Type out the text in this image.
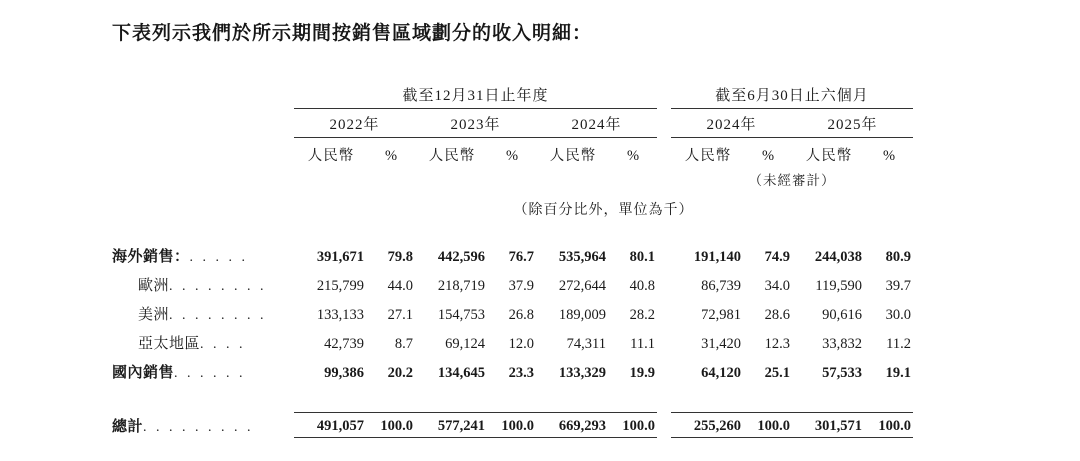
下表列示我們於所示期間按銷售區域劃分的收入明細：
	截至12月31日止年度							截至6月30日止六個月			
	2022年		2023年		2024年			2024年		2025年	
	人民幣	%	人民幣	%	人民幣	%		人民幣	%	人民幣	%
								（未經審計）			
	（除百分比外，單位為千）										
海外銷售：. . . . .	391,671	79.8	442,596	76.7	535,964	80.1		191,140	74.9	244,038	80.9
歐洲. . . . . . . .	215,799	44.0	218,719	37.9	272,644	40.8		86,739	34.0	119,590	39.7
美洲. . . . . . . .	133,133	27.1	154,753	26.8	189,009	28.2		72,981	28.6	90,616	30.0
亞太地區. . . .	42,739	8.7	69,124	12.0	74,311	11.1		31,420	12.3	33,832	11.2
國內銷售. . . . . .	99,386	20.2	134,645	23.3	133,329	19.9		64,120	25.1	57,533	19.1

總計. . . . . . . . .	491,057	100.0	577,241	100.0	669,293	100.0		255,260	100.0	301,571	100.0
